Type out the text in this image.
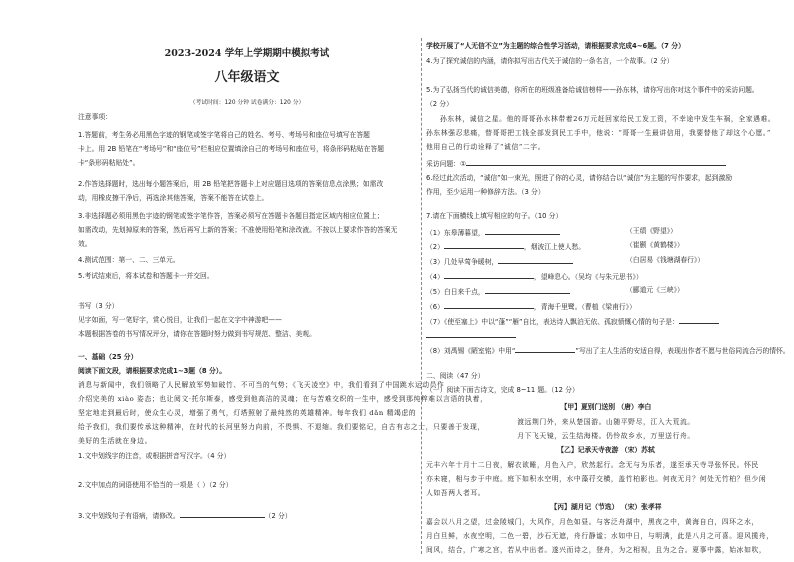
2023-2024 学年上学期期中模拟考试
八年级语文
（考试时间：120 分钟 试卷满分：120 分）
注意事项：
1.答题前，考生务必用黑色字迹的钢笔或签字笔将自己的姓名、考号、考场号和座位号填写在答题
卡上。用 2B 铅笔在“考场号”和“座位号”栏相应位置填涂自己的考场号和座位号，将条形码粘贴在答题
卡“条形码粘贴处”。
2.作答选择题时，选出每小题答案后，用 2B 铅笔把答题卡上对应题目选项的答案信息点涂黑；如需改
动，用橡皮擦干净后，再选涂其他答案，答案不能答在试卷上。
3.非选择题必须用黑色字迹的钢笔或签字笔作答，答案必须写在答题卡各题目指定区域内相应位置上；
如需改动，先划掉原来的答案，然后再写上新的答案；不准使用铅笔和涂改液。不按以上要求作答的答案无
效。
4.测试范围：第一、二、三单元。
5.考试结束后，将本试卷和答题卡一并交回。
书写（3 分）
见字如面，写一笔好字，赏心悦目，让我们一起在文字中神游吧——
本题根据答卷的书写情况评分，请你在答题时努力做到书写规范、整洁、美观。
一、基础（25 分）
阅读下面文段，请根据要求完成1~3题（8 分）。
消息与新闻中，我们领略了人民解放军势如破竹、不可当的气势；《飞天凌空》中，我们看到了中国跳水运动员作
介绍完美的 xiào 姿态；也让阅文·托尔斯泰，感受到他高洁的灵魂；在与苦难交织的一生中，感受到那纯粹难以言语的执着，
坚定地走到最后时，使众生心灵，增强了勇气，灯塔照射了最纯然的英雄精神。每年我们 dǎn 精竭虑的
给予我们，我们要传承这种精神，在时代的长河里努力向前，不畏惧、不退缩。我们要铭记，自古有志之士，只要善于发现，
美好的生活就在身边。
1.文中划线字的注音，或根据拼音写汉字。（4 分）
2.文中加点的词语使用不恰当的一项是（ ）（2 分）
3.文中划线句子有语病，请修改。	（2 分）
学校开展了“人无信不立”为主题的综合性学习活动，请根据要求完成4~6题。（7 分）
4.为了探究诚信的内涵，请你拟写出古代关于诚信的一条名言，一个故事。（2 分）
5.为了弘扬当代的诚信美德，你所在的班级准备给诚信榜样——孙东林，请你写出你对这个事件中的采访问题。
（2 分）
孙东林，诚信之星。他的哥哥孙水林带着26万元赶回家给民工发工资，不幸途中发生车祸，全家遇难。
孙东林强忍悲痛，替哥哥把工钱全部发到民工手中，他说：“哥哥一生最讲信用，我要替他了却这个心愿。”
他用自己的行动诠释了“诚信”二字。
采访问题：①
6.经过此次活动，“诚信”如一束光，照进了你的心灵，请你结合以“诚信”为主题的写作要求，起到激励
作用，至少运用一种修辞方法。（3 分）
7.请在下面横线上填写相应的句子。（10 分）
（1）东皋薄暮望，	（王绩《野望》）
（2）	，烟波江上使人愁。	（崔颢《黄鹤楼》）
（3）几处早莺争暖树，	（白居易《钱塘湖春行》）
（4）	，望峰息心。（吴均《与朱元思书》）
（5）白日来千点，	（郦道元《三峡》）
（6）	，青海千里鹭。（曹植《梁甫行》）
（7）《使至塞上》中以“蓬”“雁”自比，表达诗人飘泊无依、孤寂愤慨心情的句子是：
（8）刘禹锡《陋室铭》中用“	”写出了主人生活的安适自得，表现出作者不愿与世俗同流合污的情怀。
二、阅读（47 分）
（一）阅读下面古诗文，完成 8~11 题。（12 分）
【甲】夏别门送别 （唐）李白
渡远荆门外，来从楚国游。山随平野尽，江入大荒流。
月下飞天镜，云生结海楼。仍怜故乡水，万里送行舟。
【乙】记承天寺夜游 （宋）苏轼
元丰六年十月十二日夜，解衣欲睡，月色入户，欣然起行。念无与为乐者，遂至承天寺寻张怀民。怀民
亦未寝，相与步于中庭。庭下如积水空明，水中藻荇交横，盖竹柏影也。何夜无月？何处无竹柏？但少闲
人如吾两人者耳。
【丙】湖月记（节选） （宋）张孝祥
嘉会以八月之望，过金陵城门，大风作，月色如昼。与客泛舟湖中，黑夜之中，黄海自白，四环之水，
月白旦鲜，水夜空明，二色一碧，沙石无遮，舟行静谧；水如中日，与明满，此是八月之可喜。迎风揽舟，
间风，结合，广寒之宫，若从中出者。遂兴而诗之，登舟，为之相视，且为之合。夏事中露，始冰如吹，
